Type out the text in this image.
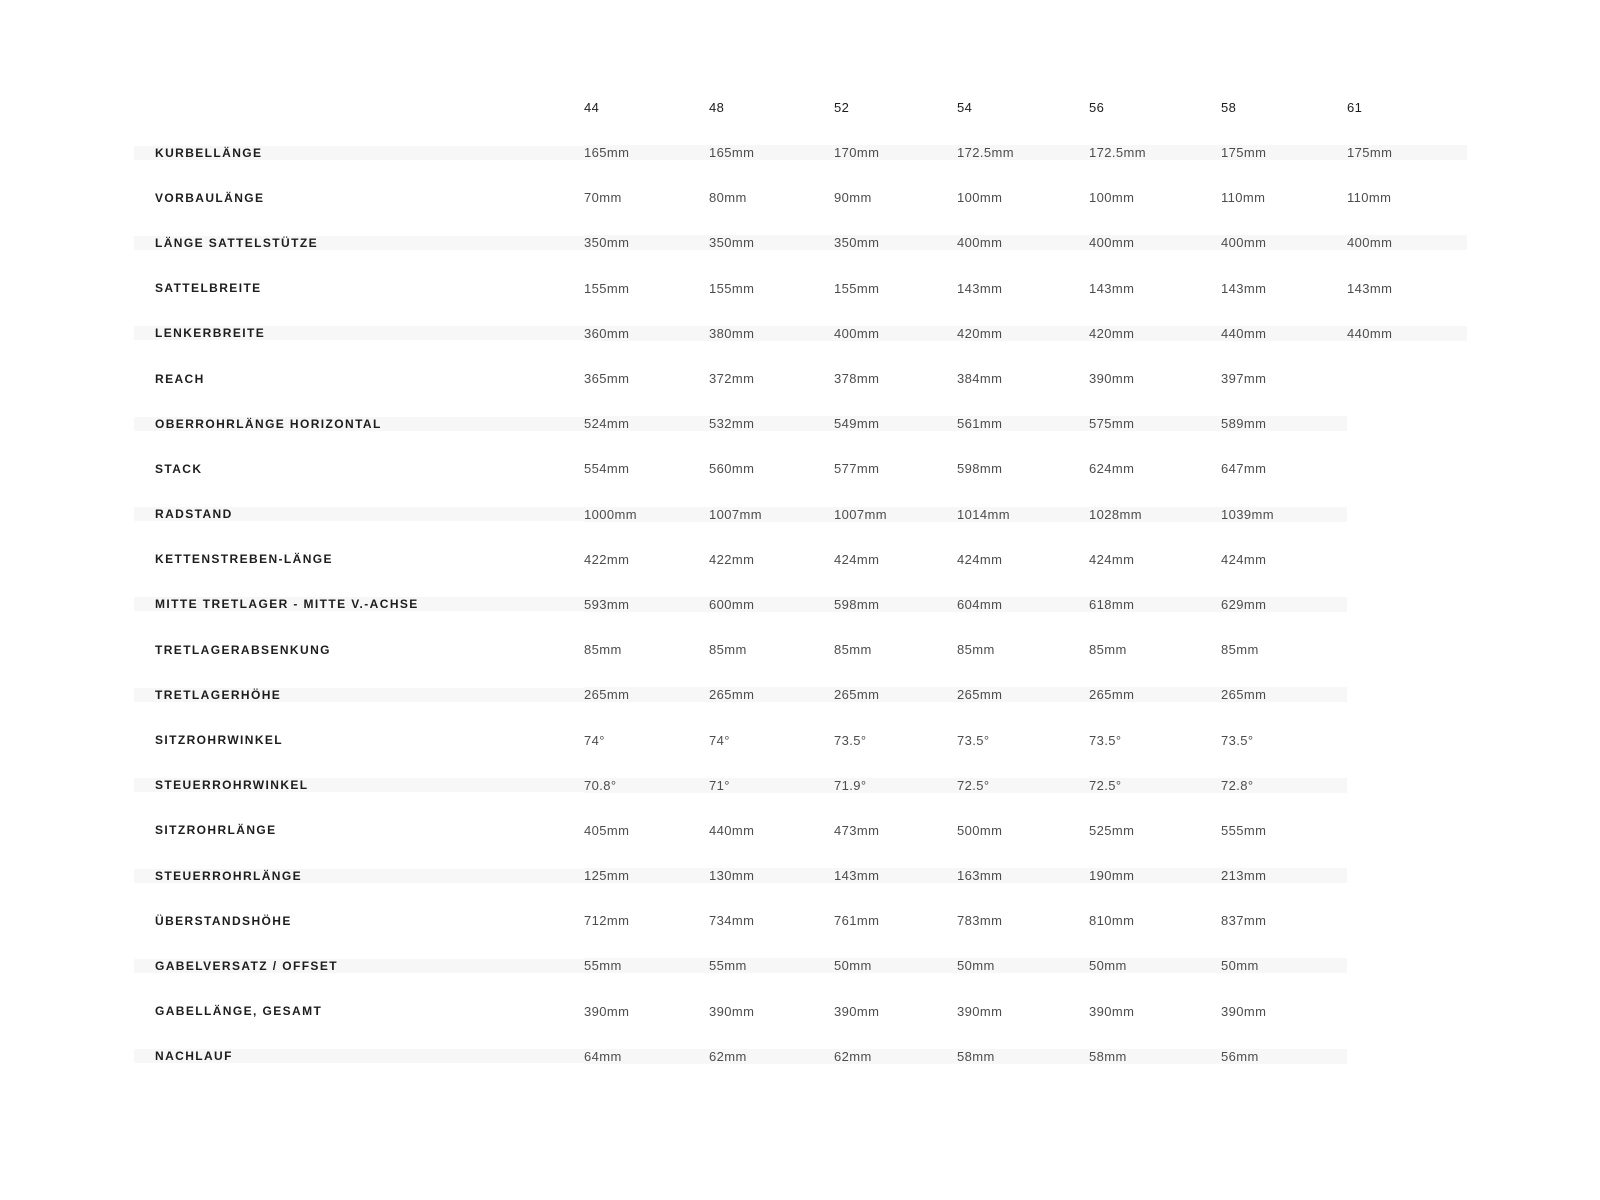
44	48	52	54	56	58	61
KURBELLÄNGE	165mm	165mm	170mm	172.5mm	172.5mm	175mm	175mm
VORBAULÄNGE	70mm	80mm	90mm	100mm	100mm	110mm	110mm
LÄNGE SATTELSTÜTZE	350mm	350mm	350mm	400mm	400mm	400mm	400mm
SATTELBREITE	155mm	155mm	155mm	143mm	143mm	143mm	143mm
LENKERBREITE	360mm	380mm	400mm	420mm	420mm	440mm	440mm
REACH	365mm	372mm	378mm	384mm	390mm	397mm
OBERROHRLÄNGE HORIZONTAL	524mm	532mm	549mm	561mm	575mm	589mm
STACK	554mm	560mm	577mm	598mm	624mm	647mm
RADSTAND	1000mm	1007mm	1007mm	1014mm	1028mm	1039mm
KETTENSTREBEN-LÄNGE	422mm	422mm	424mm	424mm	424mm	424mm
MITTE TRETLAGER - MITTE V.-ACHSE	593mm	600mm	598mm	604mm	618mm	629mm
TRETLAGERABSENKUNG	85mm	85mm	85mm	85mm	85mm	85mm
TRETLAGERHÖHE	265mm	265mm	265mm	265mm	265mm	265mm
SITZROHRWINKEL	74°	74°	73.5°	73.5°	73.5°	73.5°
STEUERROHRWINKEL	70.8°	71°	71.9°	72.5°	72.5°	72.8°
SITZROHRLÄNGE	405mm	440mm	473mm	500mm	525mm	555mm
STEUERROHRLÄNGE	125mm	130mm	143mm	163mm	190mm	213mm
ÜBERSTANDSHÖHE	712mm	734mm	761mm	783mm	810mm	837mm
GABELVERSATZ / OFFSET	55mm	55mm	50mm	50mm	50mm	50mm
GABELLÄNGE, GESAMT	390mm	390mm	390mm	390mm	390mm	390mm
NACHLAUF	64mm	62mm	62mm	58mm	58mm	56mm
